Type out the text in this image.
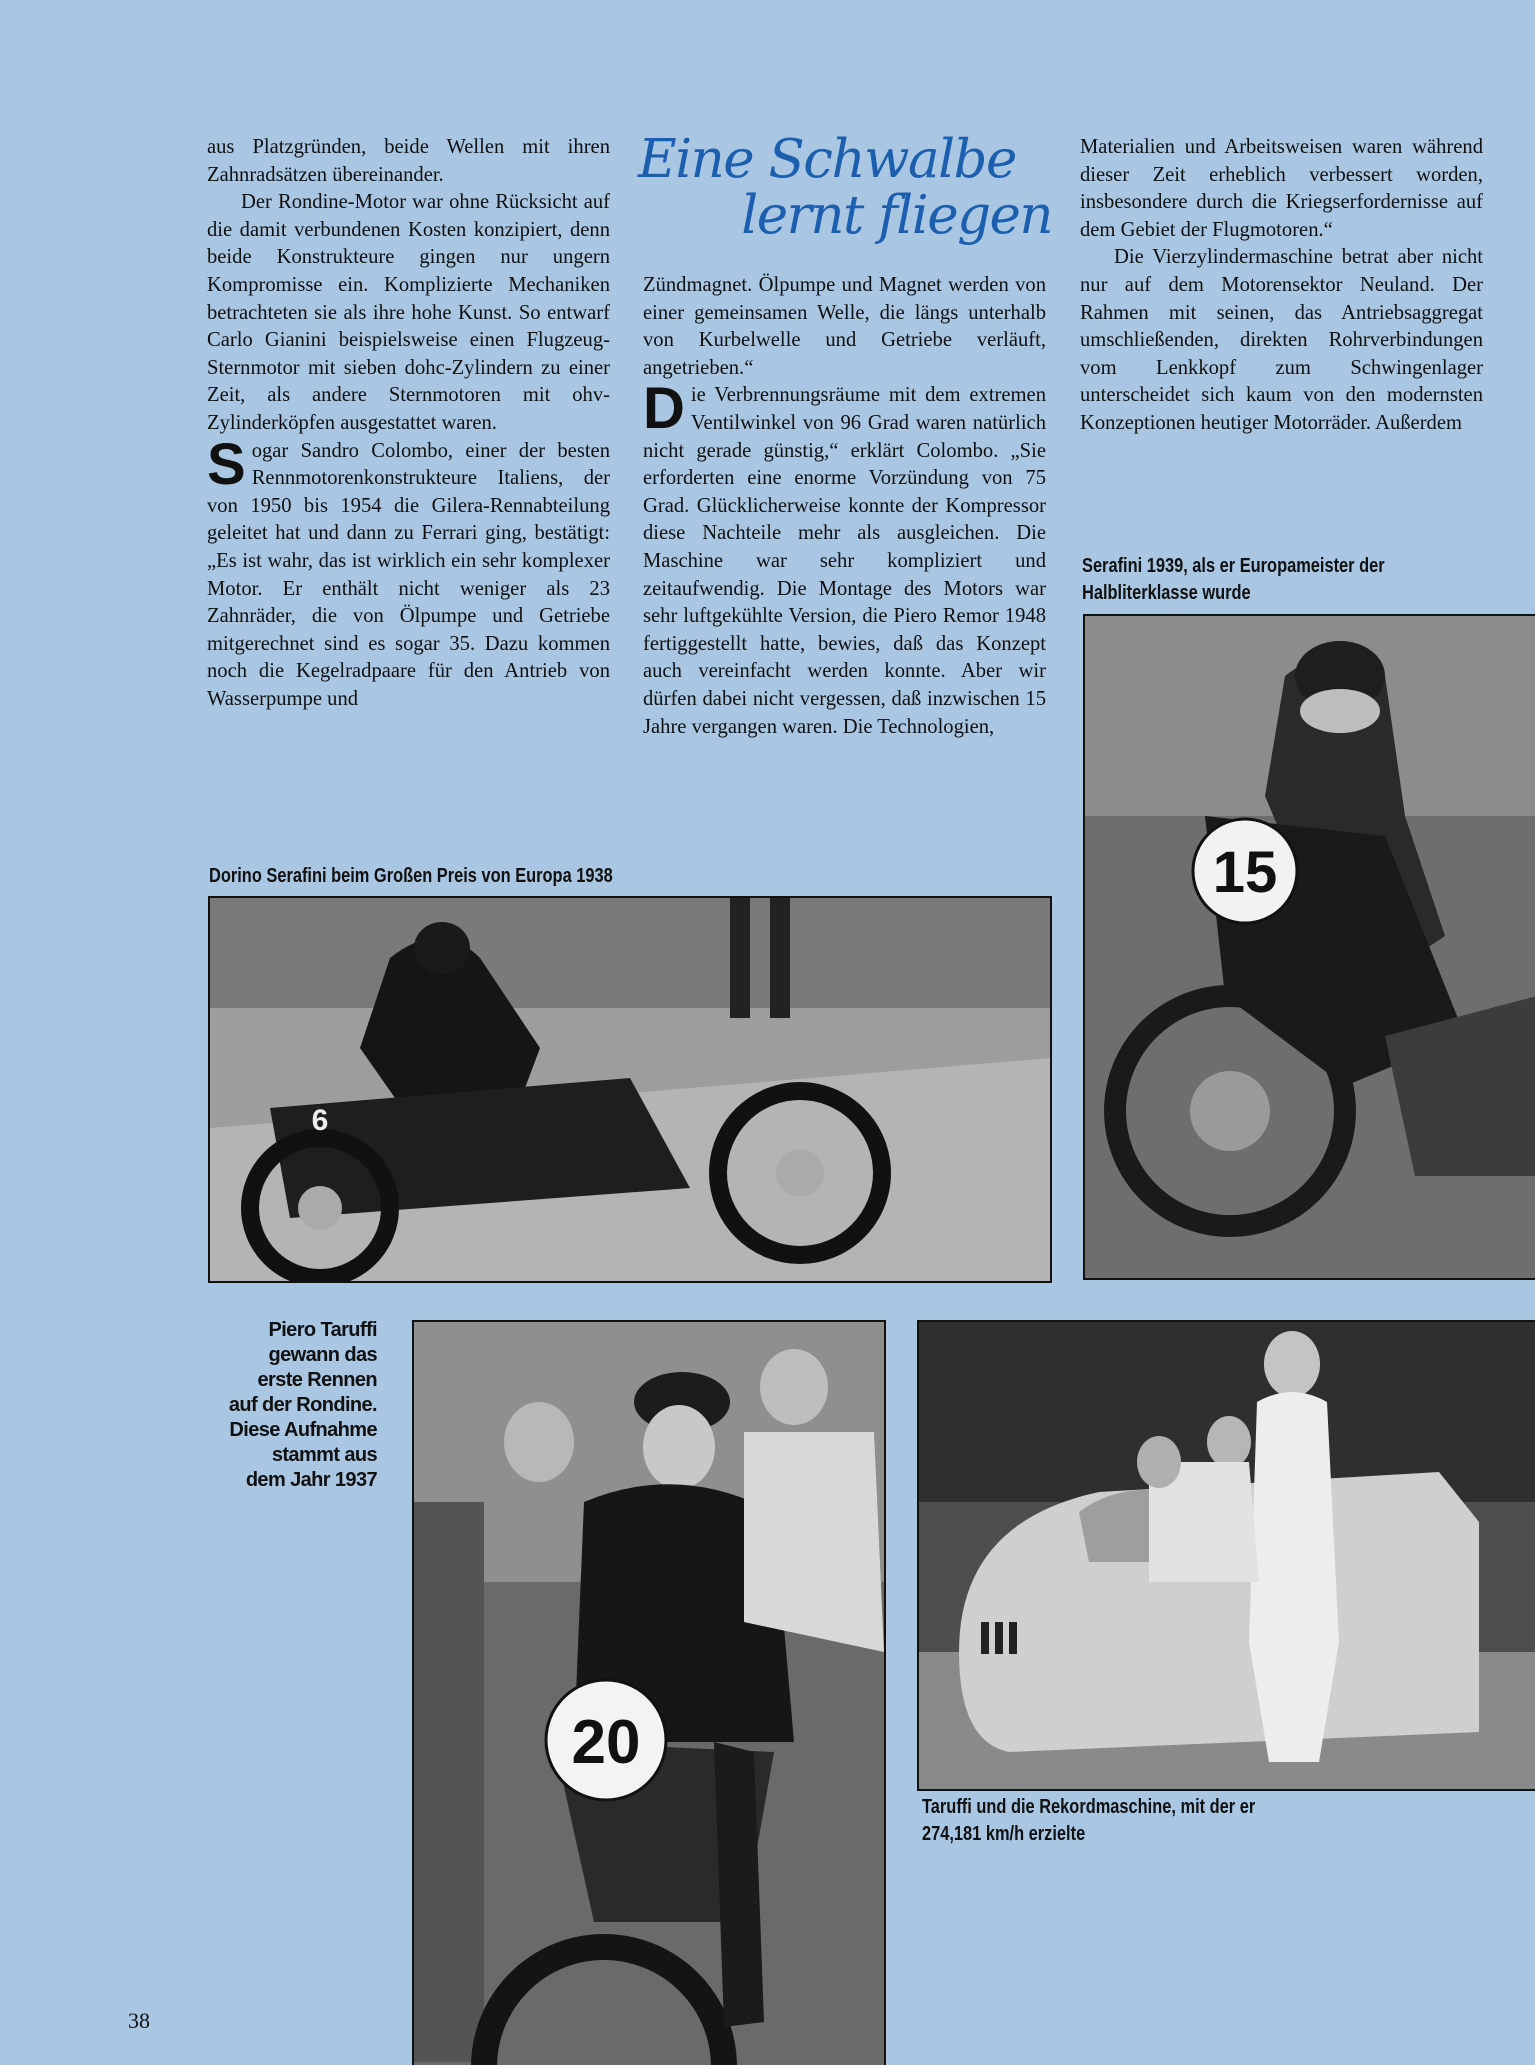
Eine Schwalbe
lernt fliegen

aus Platzgründen, beide Wellen mit ihren Zahnradsätzen übereinander.

Der Rondine-Motor war ohne Rücksicht auf die damit verbundenen Kosten konzipiert, denn beide Konstrukteure gingen nur ungern Kompromisse ein. Komplizierte Mechaniken betrachteten sie als ihre hohe Kunst. So entwarf Carlo Gianini beispielsweise einen Flugzeug-Sternmotor mit sieben dohc-Zylindern zu einer Zeit, als andere Sternmotoren mit ohv-Zylinderköpfen ausgestattet waren.

Sogar Sandro Colombo, einer der besten Rennmotorenkonstrukteure Italiens, der von 1950 bis 1954 die Gilera-Rennabteilung geleitet hat und dann zu Ferrari ging, bestätigt: „Es ist wahr, das ist wirklich ein sehr komplexer Motor. Er enthält nicht weniger als 23 Zahnräder, die von Ölpumpe und Getriebe mitgerechnet sind es sogar 35. Dazu kommen noch die Kegelradpaare für den Antrieb von Wasserpumpe und

Zündmagnet. Ölpumpe und Magnet werden von einer gemeinsamen Welle, die längs unterhalb von Kurbelwelle und Getriebe verläuft, angetrieben.“

Die Verbrennungsräume mit dem extremen Ventilwinkel von 96 Grad waren natürlich nicht gerade günstig,“ erklärt Colombo. „Sie erforderten eine enorme Vorzündung von 75 Grad. Glücklicherweise konnte der Kompressor diese Nachteile mehr als ausgleichen. Die Maschine war sehr kompliziert und zeitaufwendig. Die Montage des Motors war sehr luftgekühlte Version, die Piero Remor 1948 fertiggestellt hatte, bewies, daß das Konzept auch vereinfacht werden konnte. Aber wir dürfen dabei nicht vergessen, daß inzwischen 15 Jahre vergangen waren. Die Technologien,

Materialien und Arbeitsweisen waren während dieser Zeit erheblich verbessert worden, insbesondere durch die Kriegserfordernisse auf dem Gebiet der Flugmotoren.“

Die Vierzylindermaschine betrat aber nicht nur auf dem Motorensektor Neuland. Der Rahmen mit seinen, das Antriebsaggregat umschließenden, direkten Rohrverbindungen vom Lenkkopf zum Schwingenlager unterscheidet sich kaum von den modernsten Konzeptionen heutiger Motorräder. Außerdem

Serafini 1939, als er Europameister der
Halbliterklasse wurde
15
Dorino Serafini beim Großen Preis von Europa 1938
6
Piero Taruffi
gewann das
erste Rennen
auf der Rondine.
Diese Aufnahme
stammt aus
dem Jahr 1937
20
Taruffi und die Rekordmaschine, mit der er
274,181 km/h erzielte
38
